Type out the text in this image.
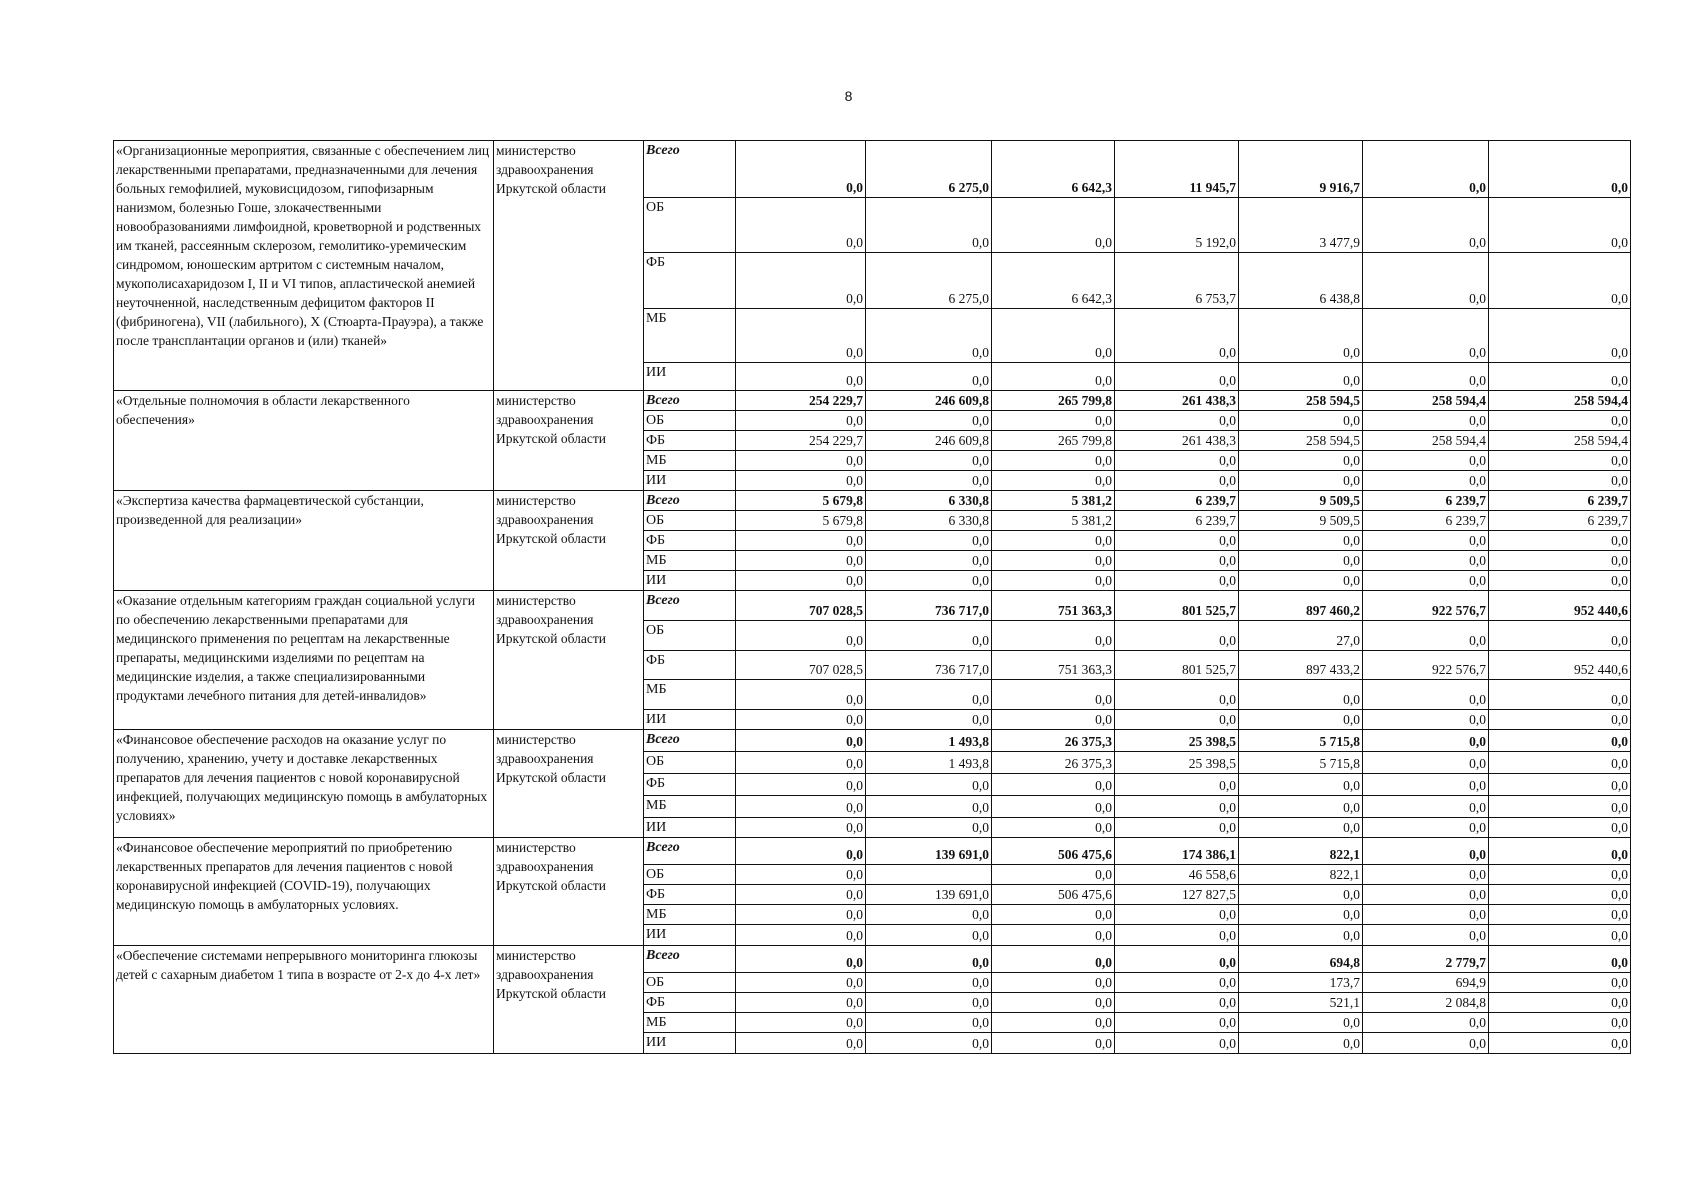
8
«Организационные мероприятия, связанные с обеспечением лиц лекарственными препаратами, предназначенными для лечения больных гемофилией, муковисцидозом, гипофизарным нанизмом, болезнью Гоше, злокачественными новообразованиями лимфоидной, кроветворной и родственных им тканей, рассеянным склерозом, гемолитико-уремическим синдромом, юношеским артритом с системным началом, мукополисахаридозом I, II и VI типов, апластической анемией неуточненной, наследственным дефицитом факторов II (фибриногена), VII (лабильного), X (Стюарта-Прауэра), а также после трансплантации органов и (или) тканей»	министерство здравоохранения Иркутской области	Всего	0,0	6 275,0	6 642,3	11 945,7	9 916,7	0,0	0,0
		ОБ	0,0	0,0	0,0	5 192,0	3 477,9	0,0	0,0
		ФБ	0,0	6 275,0	6 642,3	6 753,7	6 438,8	0,0	0,0
		МБ	0,0	0,0	0,0	0,0	0,0	0,0	0,0
		ИИ	0,0	0,0	0,0	0,0	0,0	0,0	0,0
«Отдельные полномочия в области лекарственного обеспечения»	министерство здравоохранения Иркутской области	Всего	254 229,7	246 609,8	265 799,8	261 438,3	258 594,5	258 594,4	258 594,4
		ОБ	0,0	0,0	0,0	0,0	0,0	0,0	0,0
		ФБ	254 229,7	246 609,8	265 799,8	261 438,3	258 594,5	258 594,4	258 594,4
		МБ	0,0	0,0	0,0	0,0	0,0	0,0	0,0
		ИИ	0,0	0,0	0,0	0,0	0,0	0,0	0,0
«Экспертиза качества фармацевтической субстанции, произведенной для реализации»	министерство здравоохранения Иркутской области	Всего	5 679,8	6 330,8	5 381,2	6 239,7	9 509,5	6 239,7	6 239,7
		ОБ	5 679,8	6 330,8	5 381,2	6 239,7	9 509,5	6 239,7	6 239,7
		ФБ	0,0	0,0	0,0	0,0	0,0	0,0	0,0
		МБ	0,0	0,0	0,0	0,0	0,0	0,0	0,0
		ИИ	0,0	0,0	0,0	0,0	0,0	0,0	0,0
«Оказание отдельным категориям граждан социальной услуги по обеспечению лекарственными препаратами для медицинского применения по рецептам на лекарственные препараты, медицинскими изделиями по рецептам на медицинские изделия, а также специализированными продуктами лечебного питания для детей-инвалидов»	министерство здравоохранения Иркутской области	Всего	707 028,5	736 717,0	751 363,3	801 525,7	897 460,2	922 576,7	952 440,6
		ОБ	0,0	0,0	0,0	0,0	27,0	0,0	0,0
		ФБ	707 028,5	736 717,0	751 363,3	801 525,7	897 433,2	922 576,7	952 440,6
		МБ	0,0	0,0	0,0	0,0	0,0	0,0	0,0
		ИИ	0,0	0,0	0,0	0,0	0,0	0,0	0,0
«Финансовое обеспечение расходов на оказание услуг по получению, хранению, учету и доставке лекарственных препаратов для лечения пациентов с новой коронавирусной инфекцией, получающих медицинскую помощь в амбулаторных условиях»	министерство здравоохранения Иркутской области	Всего	0,0	1 493,8	26 375,3	25 398,5	5 715,8	0,0	0,0
		ОБ	0,0	1 493,8	26 375,3	25 398,5	5 715,8	0,0	0,0
		ФБ	0,0	0,0	0,0	0,0	0,0	0,0	0,0
		МБ	0,0	0,0	0,0	0,0	0,0	0,0	0,0
		ИИ	0,0	0,0	0,0	0,0	0,0	0,0	0,0
«Финансовое обеспечение мероприятий по приобретению лекарственных препаратов для лечения пациентов с новой коронавирусной инфекцией (COVID-19), получающих медицинскую помощь в амбулаторных условиях.	министерство здравоохранения Иркутской области	Всего	0,0	139 691,0	506 475,6	174 386,1	822,1	0,0	0,0
		ОБ	0,0		0,0	46 558,6	822,1	0,0	0,0
		ФБ	0,0	139 691,0	506 475,6	127 827,5	0,0	0,0	0,0
		МБ	0,0	0,0	0,0	0,0	0,0	0,0	0,0
		ИИ	0,0	0,0	0,0	0,0	0,0	0,0	0,0
«Обеспечение системами непрерывного мониторинга глюкозы детей с сахарным диабетом 1 типа в возрасте от 2-х до 4-х лет»	министерство здравоохранения Иркутской области	Всего	0,0	0,0	0,0	0,0	694,8	2 779,7	0,0
		ОБ	0,0	0,0	0,0	0,0	173,7	694,9	0,0
		ФБ	0,0	0,0	0,0	0,0	521,1	2 084,8	0,0
		МБ	0,0	0,0	0,0	0,0	0,0	0,0	0,0
		ИИ	0,0	0,0	0,0	0,0	0,0	0,0	0,0
